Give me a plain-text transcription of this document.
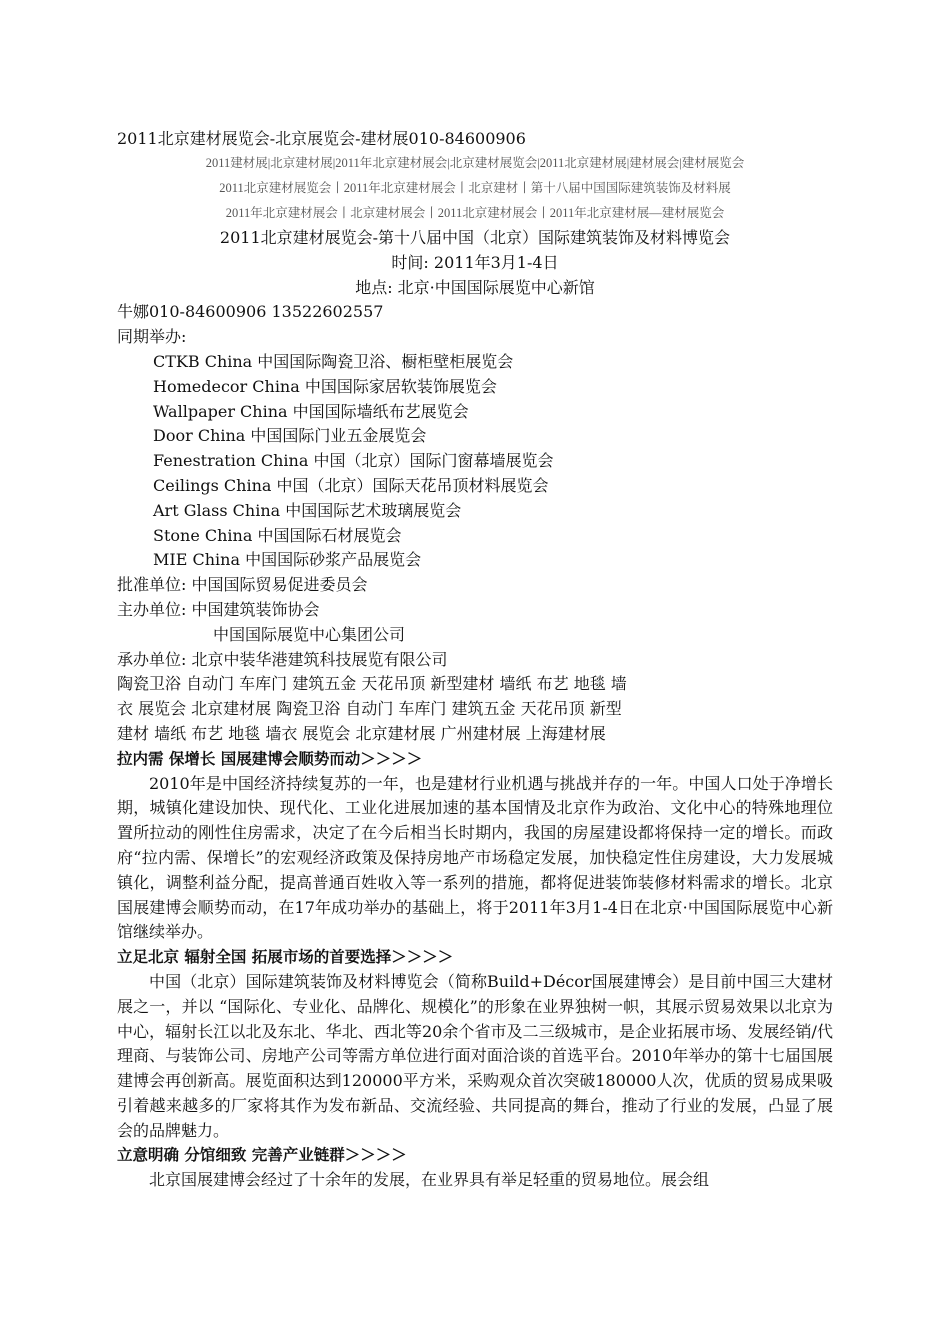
2011北京建材展览会-北京展览会-建材展010-84600906
2011建材展|北京建材展|2011年北京建材展会|北京建材展览会|2011北京建材展|建材展会|建材展览会
2011北京建材展览会丨2011年北京建材展会丨北京建材丨第十八届中国国际建筑装饰及材料展
2011年北京建材展会丨北京建材展会丨2011北京建材展会丨2011年北京建材展—建材展览会
2011北京建材展览会-第十八届中国（北京）国际建筑装饰及材料博览会
时间: 2011年3月1-4日
地点: 北京·中国国际展览中心新馆
牛娜010-84600906 13522602557
同期举办:
CTKB China 中国国际陶瓷卫浴、橱柜壁柜展览会
Homedecor China 中国国际家居软装饰展览会
Wallpaper China 中国国际墙纸布艺展览会
Door China 中国国际门业五金展览会
Fenestration China 中国（北京）国际门窗幕墙展览会
Ceilings China 中国（北京）国际天花吊顶材料展览会
Art Glass China 中国国际艺术玻璃展览会
Stone China 中国国际石材展览会
MIE China 中国国际砂浆产品展览会
批准单位: 中国国际贸易促进委员会
主办单位: 中国建筑装饰协会
中国国际展览中心集团公司
承办单位: 北京中装华港建筑科技展览有限公司
陶瓷卫浴 自动门 车库门 建筑五金 天花吊顶 新型建材 墙纸 布艺 地毯 墙
衣 展览会 北京建材展 陶瓷卫浴 自动门 车库门 建筑五金 天花吊顶 新型
建材 墙纸 布艺 地毯 墙衣 展览会 北京建材展 广州建材展 上海建材展
拉内需 保增长 国展建博会顺势而动＞＞＞＞
2010年是中国经济持续复苏的一年，也是建材行业机遇与挑战并存的一年。中国人口处于净增长期，城镇化建设加快、现代化、工业化进展加速的基本国情及北京作为政治、文化中心的特殊地理位置所拉动的刚性住房需求，决定了在今后相当长时期内，我国的房屋建设都将保持一定的增长。而政府“拉内需、保增长”的宏观经济政策及保持房地产市场稳定发展，加快稳定性住房建设，大力发展城镇化，调整利益分配，提高普通百姓收入等一系列的措施，都将促进装饰装修材料需求的增长。北京国展建博会顺势而动，在17年成功举办的基础上，将于2011年3月1-4日在北京·中国国际展览中心新馆继续举办。
立足北京 辐射全国 拓展市场的首要选择＞＞＞＞
中国（北京）国际建筑装饰及材料博览会（简称Build+Décor国展建博会）是目前中国三大建材展之一，并以 “国际化、专业化、品牌化、规模化”的形象在业界独树一帜，其展示贸易效果以北京为中心，辐射长江以北及东北、华北、西北等20余个省市及二三级城市，是企业拓展市场、发展经销/代理商、与装饰公司、房地产公司等需方单位进行面对面洽谈的首选平台。2010年举办的第十七届国展建博会再创新高。展览面积达到120000平方米，采购观众首次突破180000人次，优质的贸易成果吸引着越来越多的厂家将其作为发布新品、交流经验、共同提高的舞台，推动了行业的发展，凸显了展会的品牌魅力。
立意明确 分馆细致 完善产业链群＞＞＞＞
北京国展建博会经过了十余年的发展，在业界具有举足轻重的贸易地位。展会组
